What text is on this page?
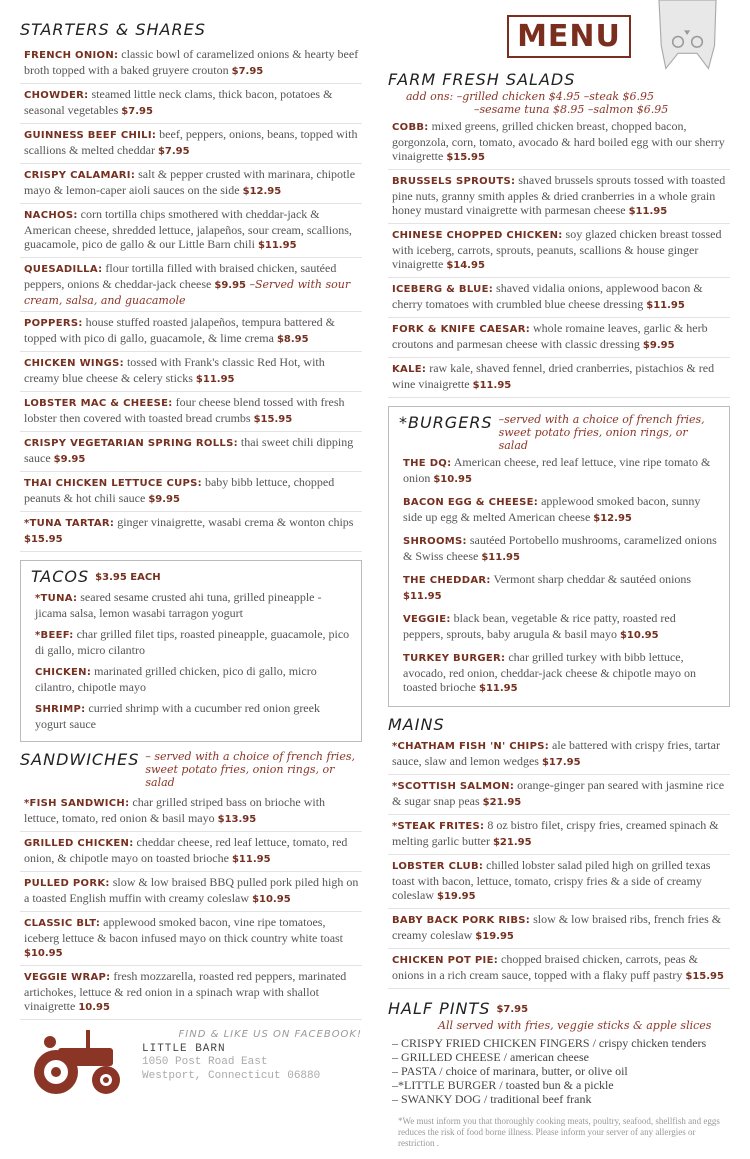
STARTERS & SHARES
FRENCH ONION: classic bowl of caramelized onions & hearty beef broth topped with a baked gruyere crouton $7.95
CHOWDER: steamed little neck clams, thick bacon, potatoes & seasonal vegetables $7.95
GUINNESS BEEF CHILI: beef, peppers, onions, beans, topped with scallions & melted cheddar $7.95
CRISPY CALAMARI: salt & pepper crusted with marinara, chipotle mayo & lemon-caper aioli sauces on the side $12.95
NACHOS: corn tortilla chips smothered with cheddar-jack & American cheese, shredded lettuce, jalapeños, sour cream, scallions, guacamole, pico de gallo & our Little Barn chili $11.95
QUESADILLA: flour tortilla filled with braised chicken, sautéed peppers, onions & cheddar-jack cheese $9.95 –Served with sour cream, salsa, and guacamole
POPPERS: house stuffed roasted jalapeños, tempura battered & topped with pico di gallo, guacamole, & lime crema $8.95
CHICKEN WINGS: tossed with Frank's classic Red Hot, with creamy blue cheese & celery sticks $11.95
LOBSTER MAC & CHEESE: four cheese blend tossed with fresh lobster then covered with toasted bread crumbs $15.95
CRISPY VEGETARIAN SPRING ROLLS: thai sweet chili dipping sauce $9.95
THAI CHICKEN LETTUCE CUPS: baby bibb lettuce, chopped peanuts & hot chili sauce $9.95
*TUNA TARTAR: ginger vinaigrette, wasabi crema & wonton chips $15.95
TACOS $3.95 EACH
*TUNA: seared sesame crusted ahi tuna, grilled pineapple -jicama salsa, lemon wasabi tarragon yogurt
*BEEF: char grilled filet tips, roasted pineapple, guacamole, pico di gallo, micro cilantro
CHICKEN: marinated grilled chicken, pico di gallo, micro cilantro, chipotle mayo
SHRIMP: curried shrimp with a cucumber red onion greek yogurt sauce
SANDWICHES – served with a choice of french fries, sweet potato fries, onion rings, or salad
*FISH SANDWICH: char grilled striped bass on brioche with lettuce, tomato, red onion & basil mayo $13.95
GRILLED CHICKEN: cheddar cheese, red leaf lettuce, tomato, red onion, & chipotle mayo on toasted brioche $11.95
PULLED PORK: slow & low braised BBQ pulled pork piled high on a toasted English muffin with creamy coleslaw $10.95
CLASSIC BLT: applewood smoked bacon, vine ripe tomatoes, iceberg lettuce & bacon infused mayo on thick country white toast $10.95
VEGGIE WRAP: fresh mozzarella, roasted red peppers, marinated artichokes, lettuce & red onion in a spinach wrap with shallot vinaigrette 10.95
FIND & LIKE US ON FACEBOOK!
LITTLE BARN
1050 Post Road East
Westport, Connecticut 06880
MENU
FARM FRESH SALADS
add ons: –grilled chicken $4.95 –steak $6.95
–sesame tuna $8.95 –salmon $6.95
COBB: mixed greens, grilled chicken breast, chopped bacon, gorgonzola, corn, tomato, avocado & hard boiled egg with our sherry vinaigrette $15.95
BRUSSELS SPROUTS: shaved brussels sprouts tossed with toasted pine nuts, granny smith apples & dried cranberries in a whole grain honey mustard vinaigrette with parmesan cheese $11.95
CHINESE CHOPPED CHICKEN: soy glazed chicken breast tossed with iceberg, carrots, sprouts, peanuts, scallions & house ginger vinaigrette $14.95
ICEBERG & BLUE: shaved vidalia onions, applewood bacon & cherry tomatoes with crumbled blue cheese dressing $11.95
FORK & KNIFE CAESAR: whole romaine leaves, garlic & herb croutons and parmesan cheese with classic dressing $9.95
KALE: raw kale, shaved fennel, dried cranberries, pistachios & red wine vinaigrette $11.95
*BURGERS –served with a choice of french fries, sweet potato fries, onion rings, or salad
THE DQ: American cheese, red leaf lettuce, vine ripe tomato & onion $10.95
BACON EGG & CHEESE: applewood smoked bacon, sunny side up egg & melted American cheese $12.95
SHROOMS: sautéed Portobello mushrooms, caramelized onions & Swiss cheese $11.95
THE CHEDDAR: Vermont sharp cheddar & sautéed onions $11.95
VEGGIE: black bean, vegetable & rice patty, roasted red peppers, sprouts, baby arugula & basil mayo $10.95
TURKEY BURGER: char grilled turkey with bibb lettuce, avocado, red onion, cheddar-jack cheese & chipotle mayo on toasted brioche $11.95
MAINS
*CHATHAM FISH 'N' CHIPS: ale battered with crispy fries, tartar sauce, slaw and lemon wedges $17.95
*SCOTTISH SALMON: orange-ginger pan seared with jasmine rice & sugar snap peas $21.95
*STEAK FRITES: 8 oz bistro filet, crispy fries, creamed spinach & melting garlic butter $21.95
LOBSTER CLUB: chilled lobster salad piled high on grilled texas toast with bacon, lettuce, tomato, crispy fries & a side of creamy coleslaw $19.95
BABY BACK PORK RIBS: slow & low braised ribs, french fries & creamy coleslaw $19.95
CHICKEN POT PIE: chopped braised chicken, carrots, peas & onions in a rich cream sauce, topped with a flaky puff pastry $15.95
HALF PINTS $7.95
All served with fries, veggie sticks & apple slices
– CRISPY FRIED CHICKEN FINGERS / crispy chicken tenders
– GRILLED CHEESE / american cheese
– PASTA / choice of marinara, butter, or olive oil
–*LITTLE BURGER / toasted bun & a pickle
– SWANKY DOG / traditional beef frank
*We must inform you that thoroughly cooking meats, poultry, seafood, shellfish and eggs reduces the risk of food borne illness. Please inform your server of any allergies or restriction .
